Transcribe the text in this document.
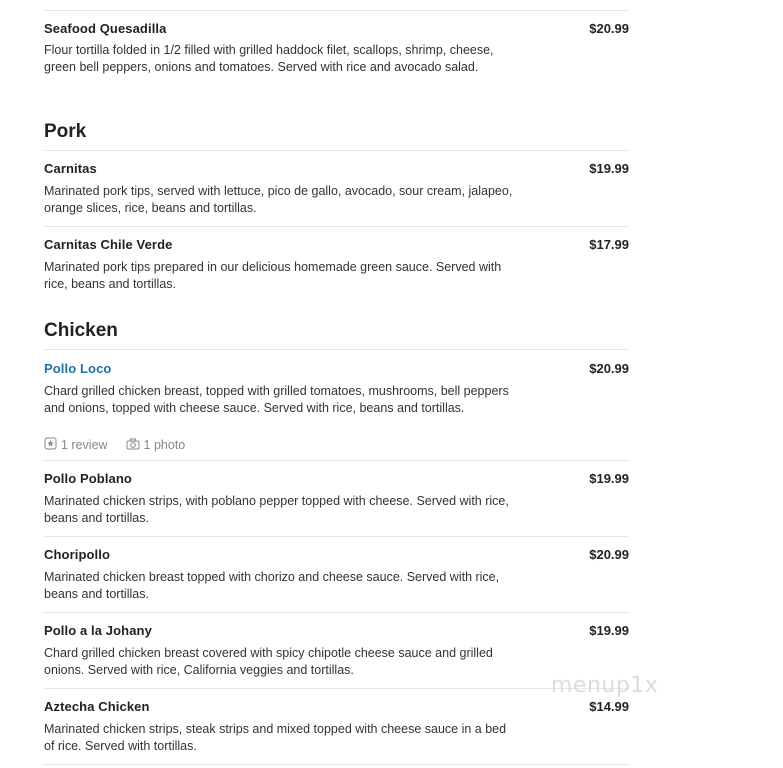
Seafood Quesadilla	$20.99
Flour tortilla folded in 1/2 filled with grilled haddock filet, scallops, shrimp, cheese, green bell peppers, onions and tomatoes. Served with rice and avocado salad.
Pork
Carnitas	$19.99
Marinated pork tips, served with lettuce, pico de gallo, avocado, sour cream, jalapeo, orange slices, rice, beans and tortillas.
Carnitas Chile Verde	$17.99
Marinated pork tips prepared in our delicious homemade green sauce. Served with rice, beans and tortillas.
Chicken
Pollo Loco	$20.99
Chard grilled chicken breast, topped with grilled tomatoes, mushrooms, bell peppers and onions, topped with cheese sauce. Served with rice, beans and tortillas.
1 review	1 photo
Pollo Poblano	$19.99
Marinated chicken strips, with poblano pepper topped with cheese. Served with rice, beans and tortillas.
Choripollo	$20.99
Marinated chicken breast topped with chorizo and cheese sauce. Served with rice, beans and tortillas.
Pollo a la Johany	$19.99
Chard grilled chicken breast covered with spicy chipotle cheese sauce and grilled onions. Served with rice, California veggies and tortillas.
Aztecha Chicken	$14.99
Marinated chicken strips, steak strips and mixed topped with cheese sauce in a bed of rice. Served with tortillas.
menup1x
